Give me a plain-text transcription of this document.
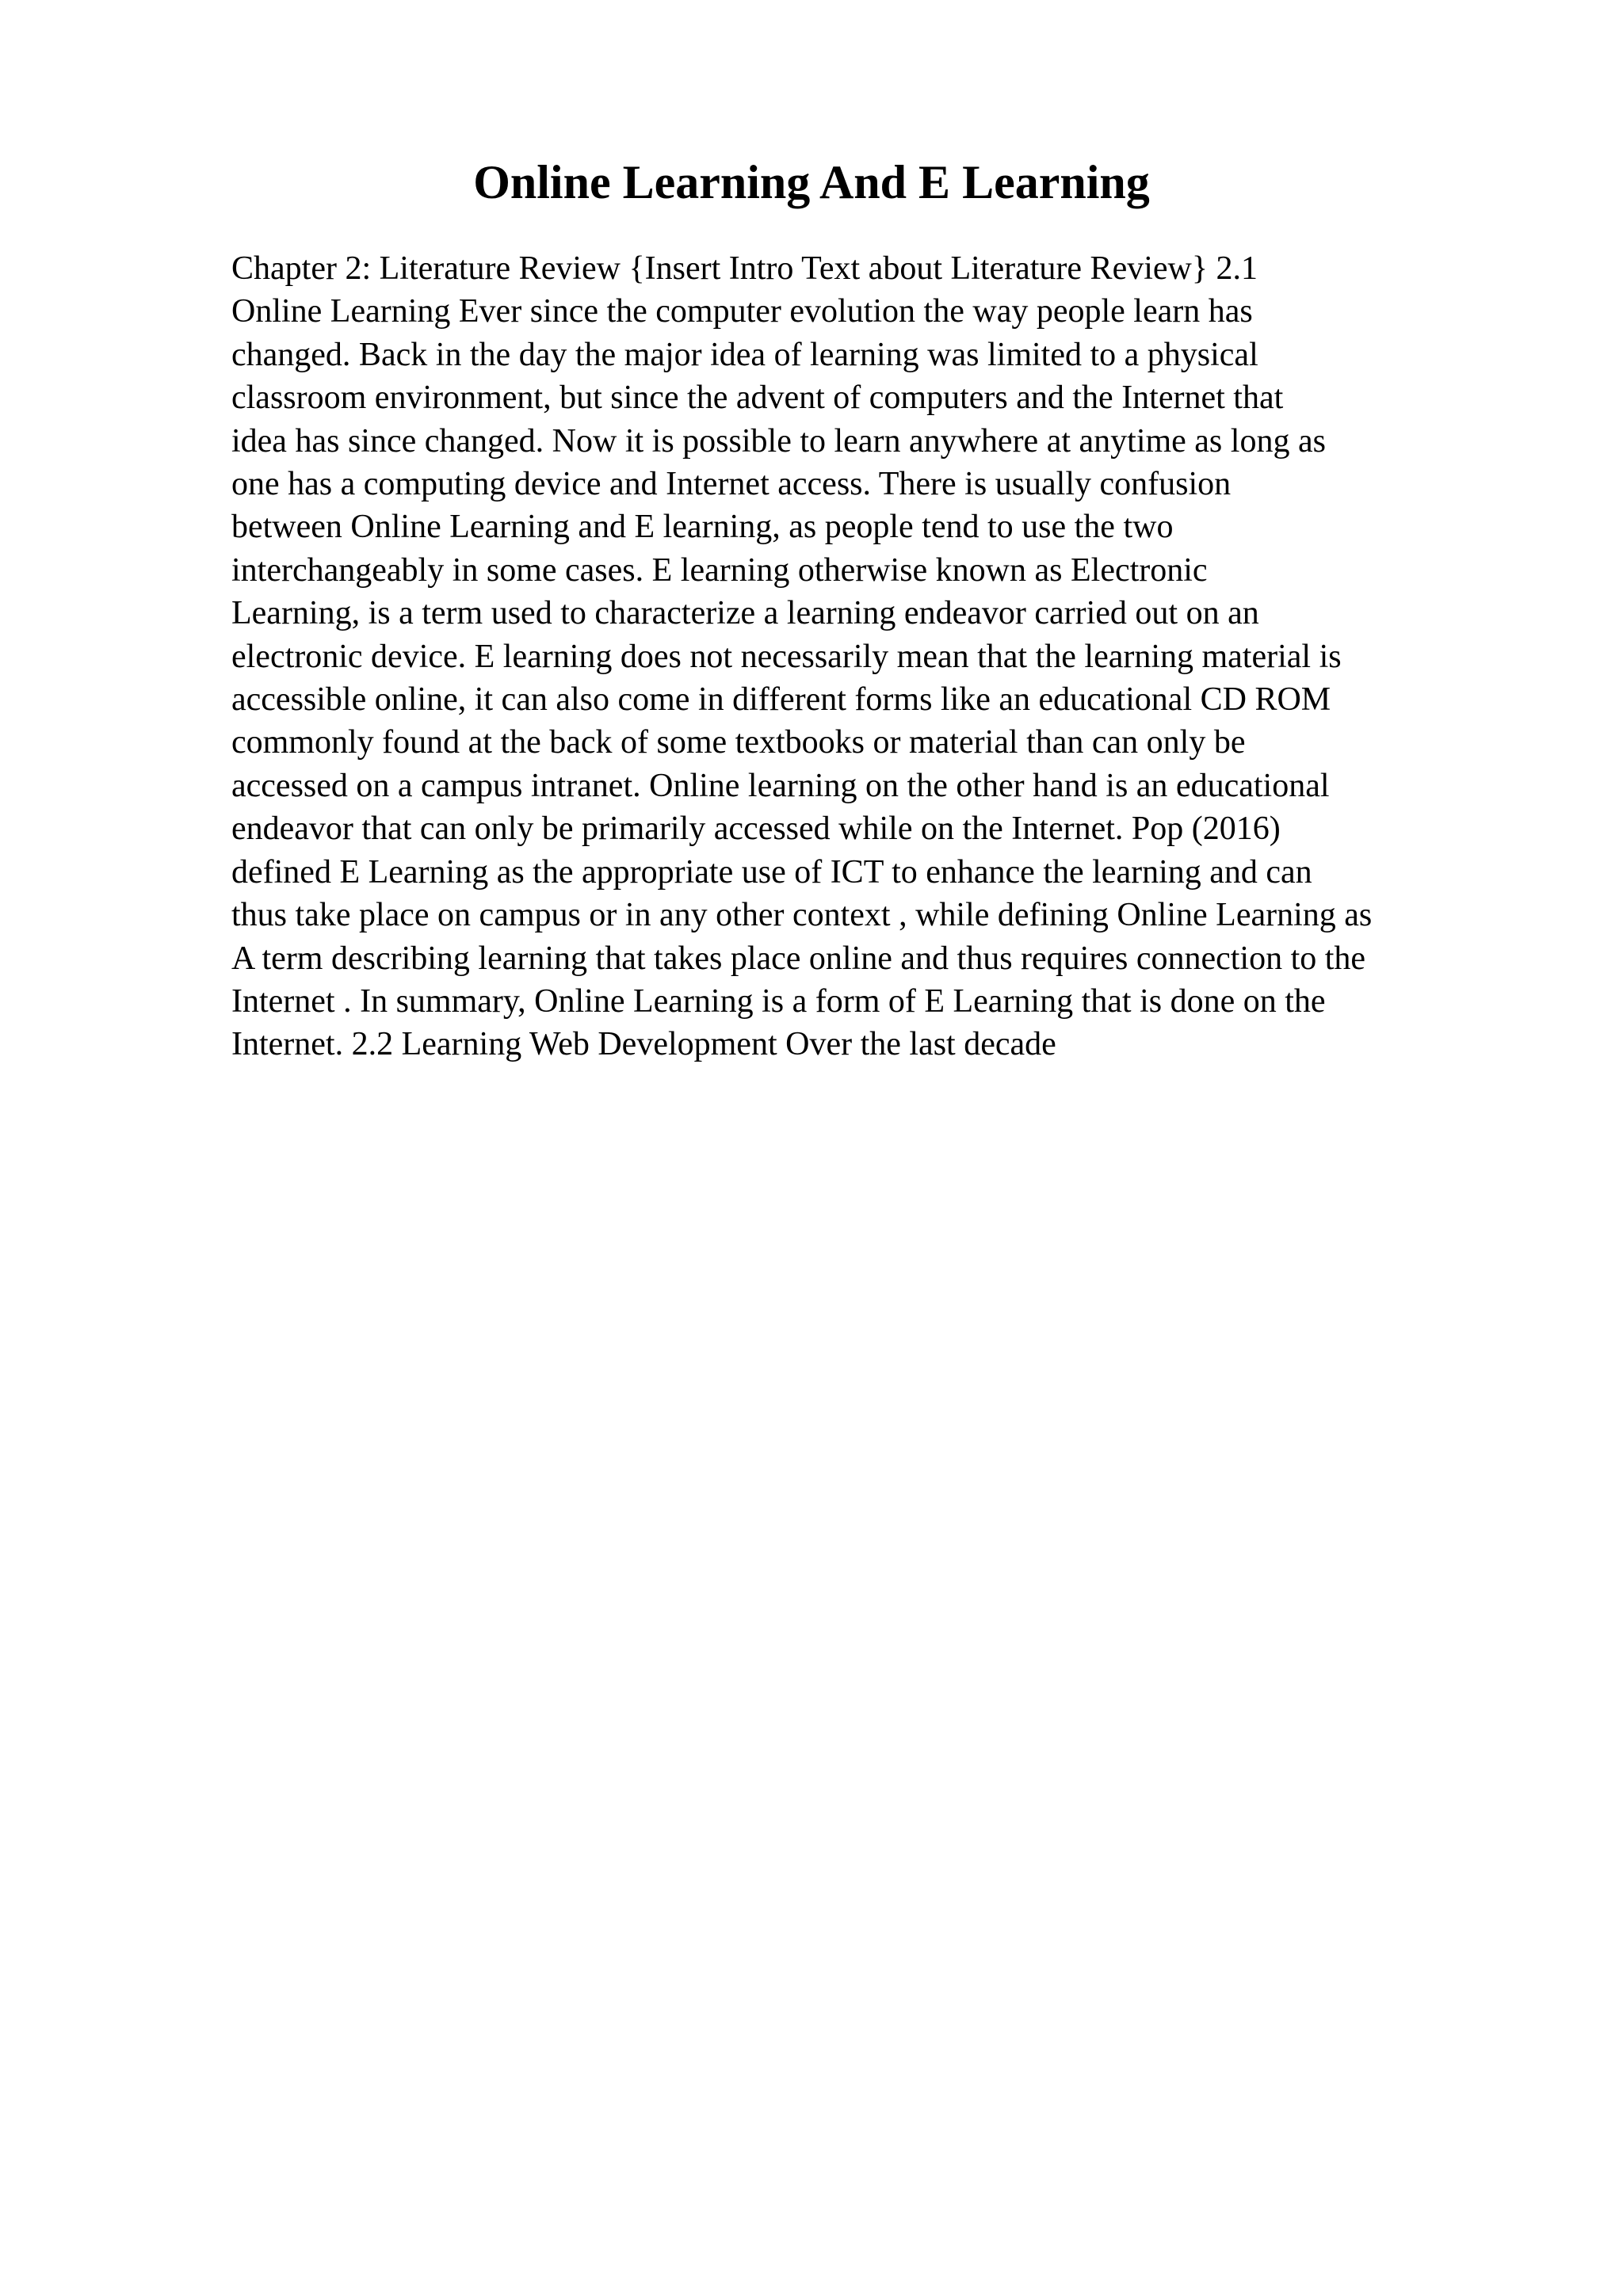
Online Learning And E Learning
Chapter 2: Literature Review {Insert Intro Text about Literature Review} 2.1
Online Learning Ever since the computer evolution the way people learn has
changed. Back in the day the major idea of learning was limited to a physical
classroom environment, but since the advent of computers and the Internet that
idea has since changed. Now it is possible to learn anywhere at anytime as long as
one has a computing device and Internet access. There is usually confusion
between Online Learning and E learning, as people tend to use the two
interchangeably in some cases. E learning otherwise known as Electronic
Learning, is a term used to characterize a learning endeavor carried out on an
electronic device. E learning does not necessarily mean that the learning material is
accessible online, it can also come in different forms like an educational CD ROM
commonly found at the back of some textbooks or material than can only be
accessed on a campus intranet. Online learning on the other hand is an educational
endeavor that can only be primarily accessed while on the Internet. Pop (2016)
defined E Learning as the appropriate use of ICT to enhance the learning and can
thus take place on campus or in any other context , while defining Online Learning as
A term describing learning that takes place online and thus requires connection to the
Internet . In summary, Online Learning is a form of E Learning that is done on the
Internet. 2.2 Learning Web Development Over the last decade
